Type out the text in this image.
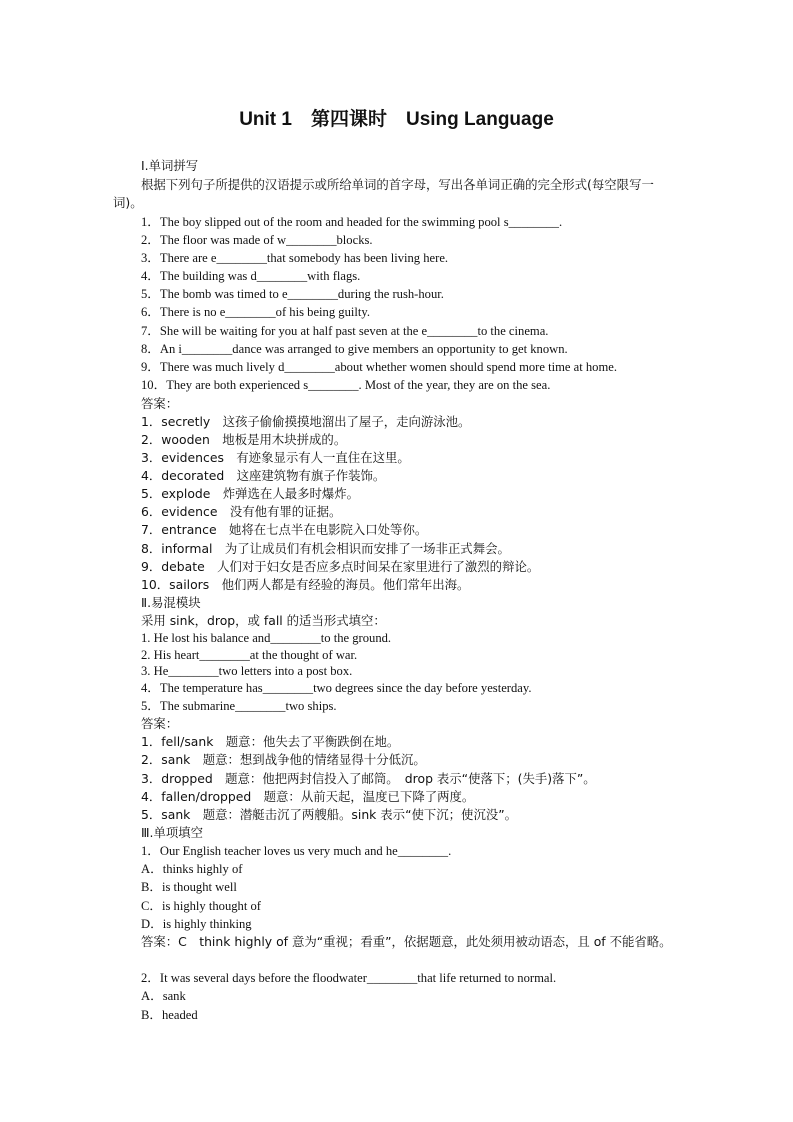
Unit 1　第四课时　Using Language
Ⅰ.单词拼写
根据下列句子所提供的汉语提示或所给单词的首字母，写出各单词正确的完全形式(每空限写一词)。
1．The boy slipped out of the room and headed for the swimming pool s________.
2．The floor was made of w________blocks.
3．There are e________that somebody has been living here.
4．The building was d________with flags.
5．The bomb was timed to e________during the rush-hour.
6．There is no e________of his being guilty.
7．She will be waiting for you at half past seven at the e________to the cinema.
8．An i________dance was arranged to give members an opportunity to get known.
9．There was much lively d________about whether women should spend more time at home.
10．They are both experienced s________. Most of the year, they are on the sea.
答案：
1．secretly　这孩子偷偷摸摸地溜出了屋子，走向游泳池。
2．wooden　地板是用木块拼成的。
3．evidences　有迹象显示有人一直住在这里。
4．decorated　这座建筑物有旗子作装饰。
5．explode　炸弹选在人最多时爆炸。
6．evidence　没有他有罪的证据。
7．entrance　她将在七点半在电影院入口处等你。
8．informal　为了让成员们有机会相识而安排了一场非正式舞会。
9．debate　人们对于妇女是否应多点时间呆在家里进行了激烈的辩论。
10．sailors　他们两人都是有经验的海员。他们常年出海。
Ⅱ.易混模块
采用 sink，drop，或 fall 的适当形式填空：
1. He lost his balance and________to the ground.
2. His heart________at the thought of war.
3. He________two letters into a post box.
4．The temperature has________two degrees since the day before yesterday.
5．The submarine________two ships.
答案：
1．fell/sank　题意：他失去了平衡跌倒在地。
2．sank　题意：想到战争他的情绪显得十分低沉。
3．dropped　题意：他把两封信投入了邮筒。　drop 表示“使落下；(失手)落下”。
4．fallen/dropped　题意：从前天起，温度已下降了两度。
5．sank　题意：潜艇击沉了两艘船。sink 表示“使下沉；使沉没”。
Ⅲ.单项填空
1．Our English teacher loves us very much and he________.
A．thinks highly of
B．is thought well
C．is highly thought of
D．is highly thinking
答案：C　think highly of 意为“重视；看重”，依据题意，此处须用被动语态，且 of 不能省略。
2．It was several days before the floodwater________that life returned to normal.
A．sank
B．headed
